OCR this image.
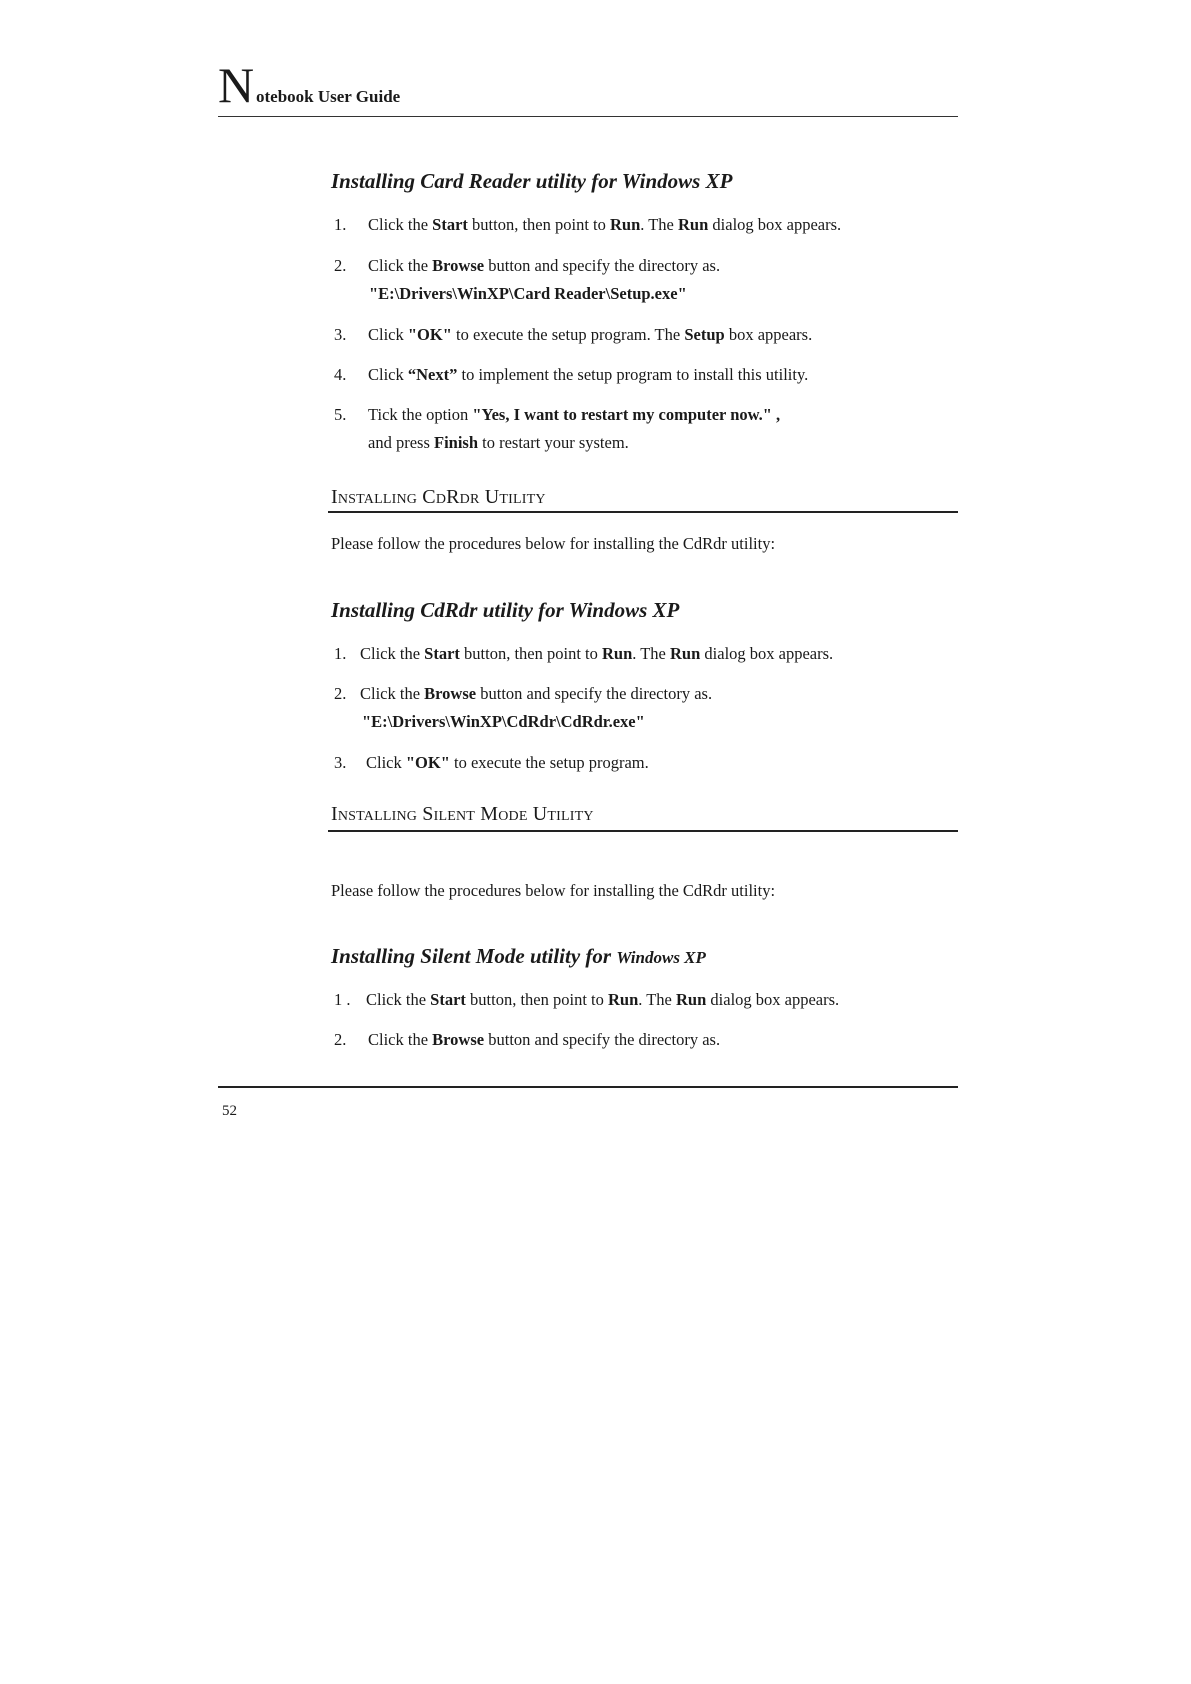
N otebook User Guide
Installing Card Reader utility for Windows XP
1. Click the Start button, then point to Run. The Run dialog box appears.
2. Click the Browse button and specify the directory as.
"E:\Drivers\WinXP\Card Reader\Setup.exe"
3. Click "OK" to execute the setup program. The Setup box appears.
4. Click “Next” to implement the setup program to install this utility.
5. Tick the option "Yes, I want to restart my computer now." ,
and press Finish to restart your system.
Installing CdRdr Utility
Please follow the procedures below for installing the CdRdr utility:
Installing CdRdr utility for Windows XP
1. Click the Start button, then point to Run. The Run dialog box appears.
2. Click the Browse button and specify the directory as.
"E:\Drivers\WinXP\CdRdr\CdRdr.exe"
3. Click "OK" to execute the setup program.
Installing Silent Mode Utility
Please follow the procedures below for installing the CdRdr utility:
Installing Silent Mode utility for Windows XP
1 . Click the Start button, then point to Run. The Run dialog box appears.
2. Click the Browse button and specify the directory as.
52
